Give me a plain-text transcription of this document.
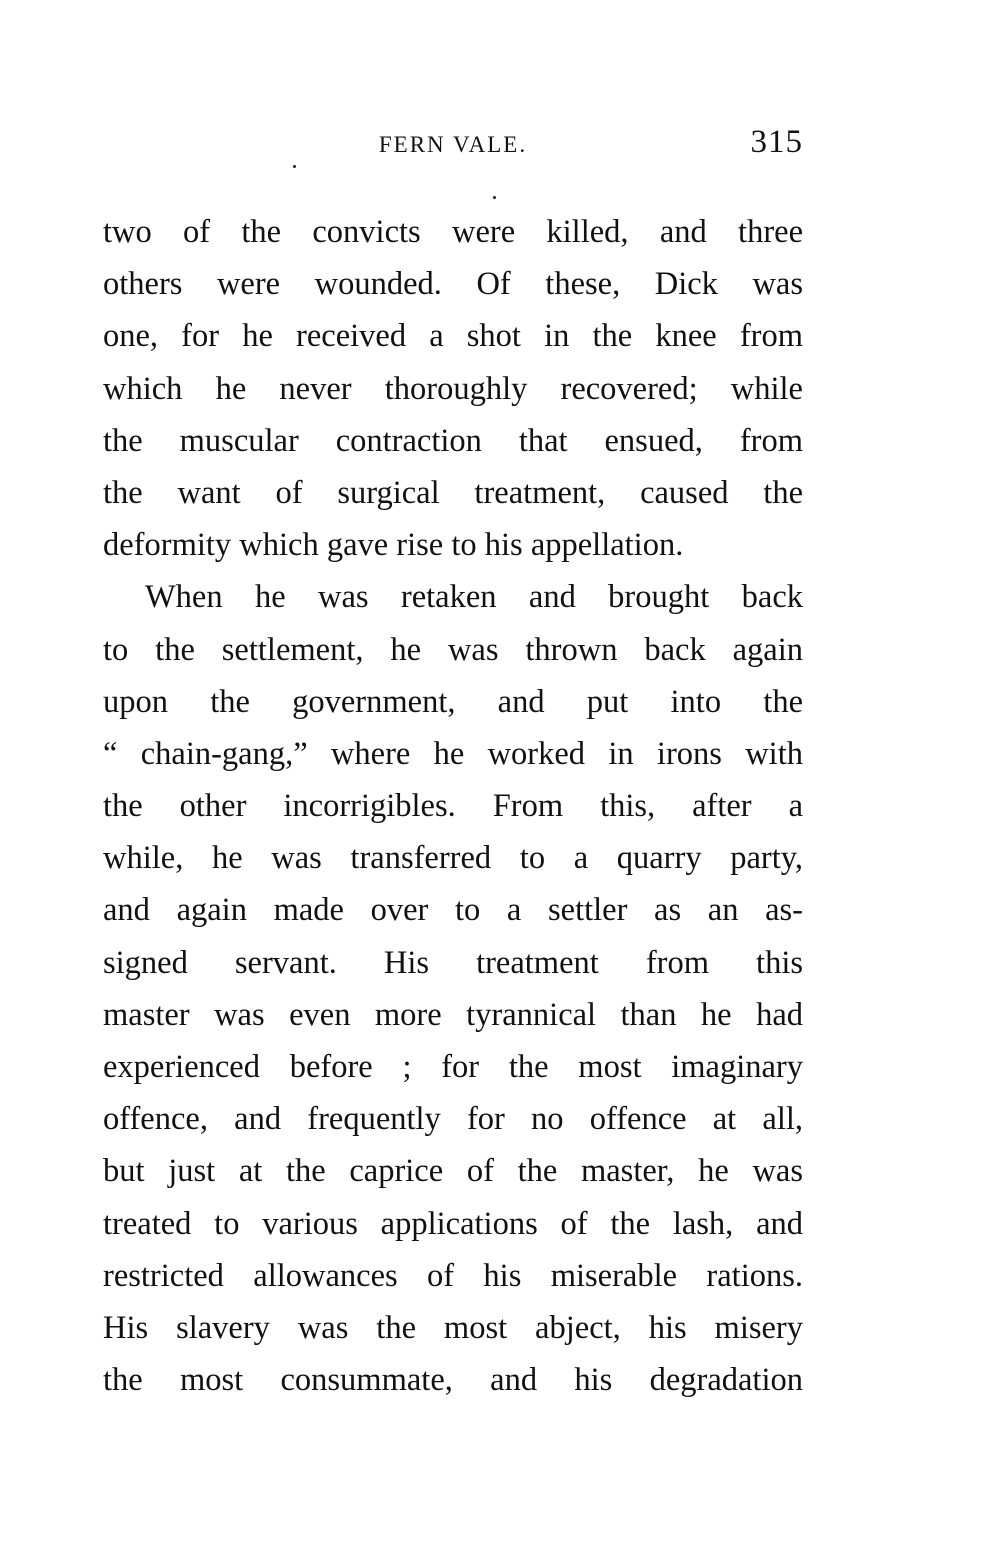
FERN VALE.	315
two of the convicts were killed, and three
others were wounded. Of these, Dick was
one, for he received a shot in the knee from
which he never thoroughly recovered; while
the muscular contraction that ensued, from
the want of surgical treatment, caused the
deformity which gave rise to his appellation.
When he was retaken and brought back
to the settlement, he was thrown back again
upon the government, and put into the
“ chain-gang,” where he worked in irons with
the other incorrigibles. From this, after a
while, he was transferred to a quarry party,
and again made over to a settler as an as-
signed servant. His treatment from this
master was even more tyrannical than he had
experienced before ; for the most imaginary
offence, and frequently for no offence at all,
but just at the caprice of the master, he was
treated to various applications of the lash, and
restricted allowances of his miserable rations.
His slavery was the most abject, his misery
the most consummate, and his degradation
